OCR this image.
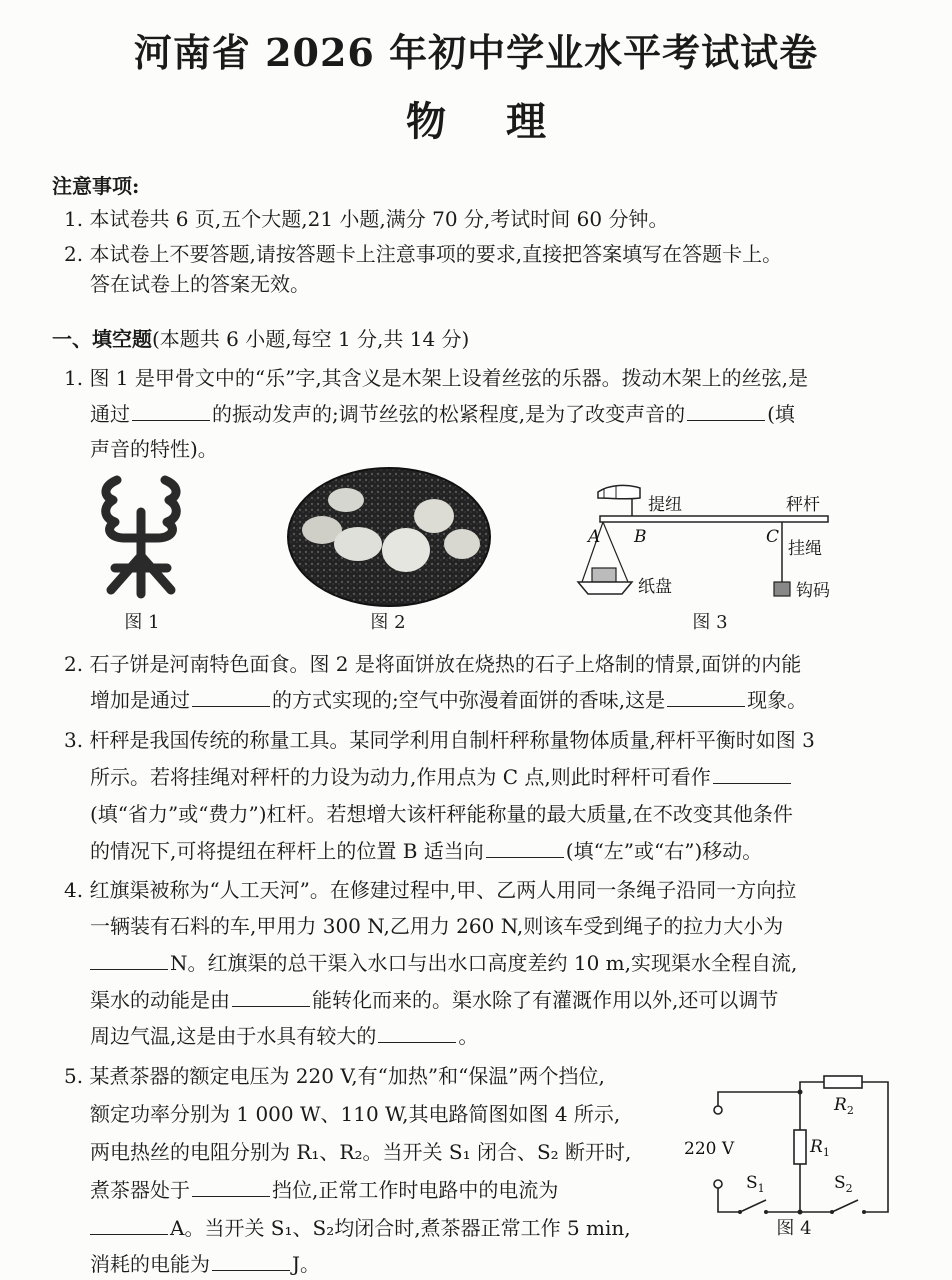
河南省 2026 年初中学业水平考试试卷
物理
注意事项:
1. 本试卷共 6 页,五个大题,21 小题,满分 70 分,考试时间 60 分钟。
2. 本试卷上不要答题,请按答题卡上注意事项的要求,直接把答案填写在答题卡上。
答在试卷上的答案无效。
一、填空题(本题共 6 小题,每空 1 分,共 14 分)
1. 图 1 是甲骨文中的“乐”字,其含义是木架上设着丝弦的乐器。拨动木架上的丝弦,是
通过	的振动发声的;调节丝弦的松紧程度,是为了改变声音的	(填
声音的特性)。
图 1	图 2
提纽	秤杆
A B	C
挂绳
纸盘	钩码
图 3
2. 石子饼是河南特色面食。图 2 是将面饼放在烧热的石子上烙制的情景,面饼的内能
增加是通过	的方式实现的;空气中弥漫着面饼的香味,这是	现象。
3. 杆秤是我国传统的称量工具。某同学利用自制杆秤称量物体质量,秤杆平衡时如图 3
所示。若将挂绳对秤杆的力设为动力,作用点为 C 点,则此时秤杆可看作
(填“省力”或“费力”)杠杆。若想增大该杆秤能称量的最大质量,在不改变其他条件
的情况下,可将提纽在秤杆上的位置 B 适当向	(填“左”或“右”)移动。
4. 红旗渠被称为“人工天河”。在修建过程中,甲、乙两人用同一条绳子沿同一方向拉
一辆装有石料的车,甲用力 300 N,乙用力 260 N,则该车受到绳子的拉力大小为
N。红旗渠的总干渠入水口与出水口高度差约 10 m,实现渠水全程自流,
渠水的动能是由	能转化而来的。渠水除了有灌溉作用以外,还可以调节
周边气温,这是由于水具有较大的	。
5. 某煮茶器的额定电压为 220 V,有“加热”和“保温”两个挡位,
额定功率分别为 1 000 W、110 W,其电路简图如图 4 所示,
两电热丝的电阻分别为 R₁、R₂。当开关 S₁ 闭合、S₂ 断开时,
煮茶器处于	挡位,正常工作时电路中的电流为
A。当开关 S₁、S₂均闭合时,煮茶器正常工作 5 min,
消耗的电能为	J。
220 V	$R_1$
$R_2$
$S_1$	$S_2$
图 4
